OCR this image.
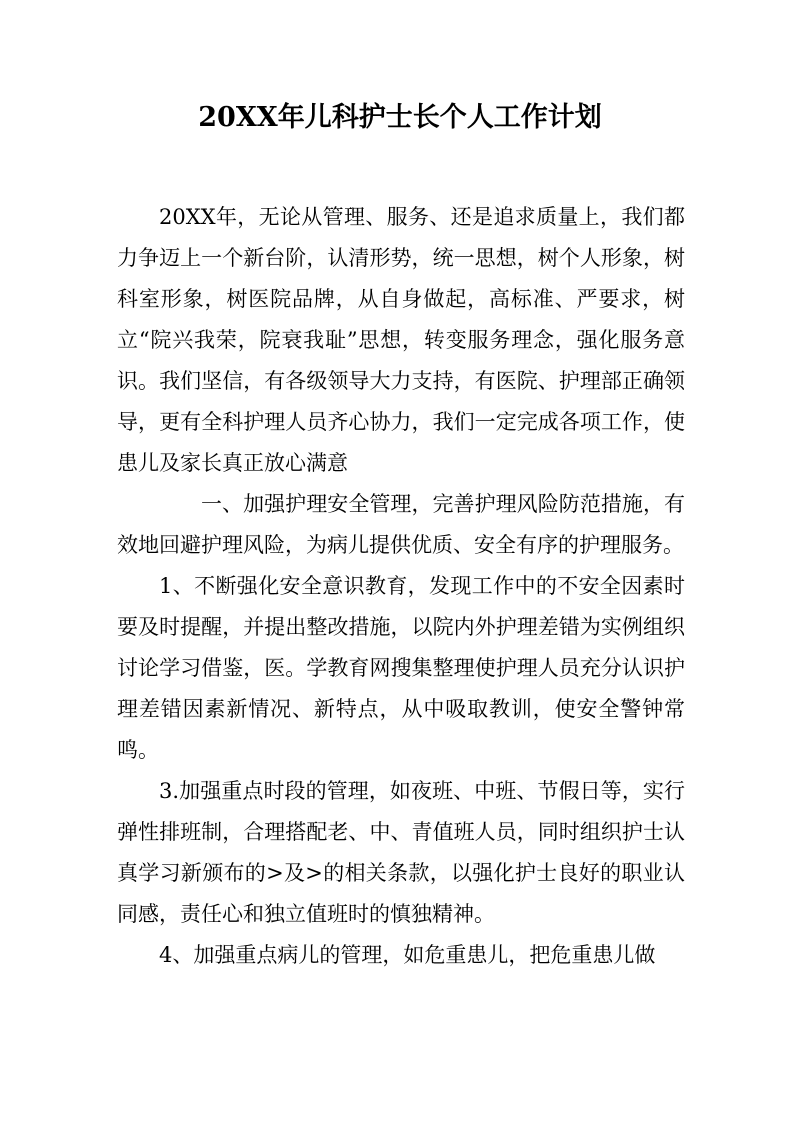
20XX年儿科护士长个人工作计划

20XX年，无论从管理、服务、还是追求质量上，我们都力争迈上一个新台阶，认清形势，统一思想，树个人形象，树科室形象，树医院品牌，从自身做起，高标准、严要求，树立“院兴我荣，院衰我耻”思想，转变服务理念，强化服务意识。我们坚信，有各级领导大力支持，有医院、护理部正确领导，更有全科护理人员齐心协力，我们一定完成各项工作，使患儿及家长真正放心满意

一、加强护理安全管理，完善护理风险防范措施，有效地回避护理风险，为病儿提供优质、安全有序的护理服务。

1、不断强化安全意识教育，发现工作中的不安全因素时要及时提醒，并提出整改措施，以院内外护理差错为实例组织讨论学习借鉴，医。学教育网搜集整理使护理人员充分认识护理差错因素新情况、新特点，从中吸取教训，使安全警钟常鸣。

3.加强重点时段的管理，如夜班、中班、节假日等，实行弹性排班制，合理搭配老、中、青值班人员，同时组织护士认真学习新颁布的>及>的相关条款，以强化护士良好的职业认同感，责任心和独立值班时的慎独精神。

4、加强重点病儿的管理，如危重患儿，把危重患儿做
